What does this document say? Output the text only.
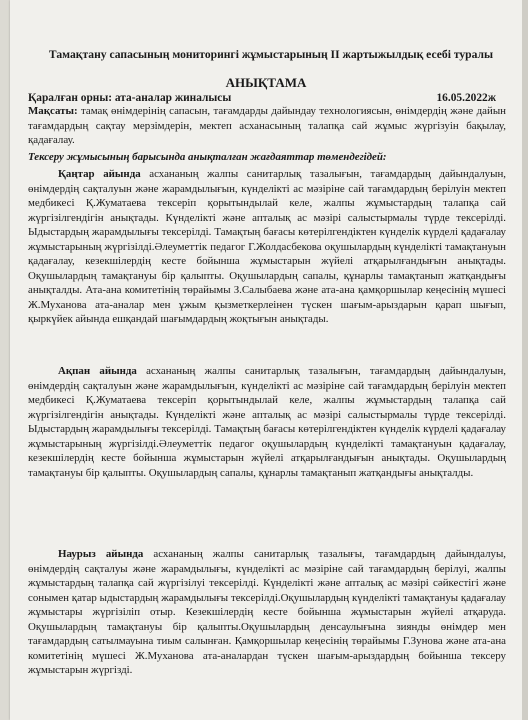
Тамақтану сапасының мониторингі жұмыстарының II жартыжылдық есебі туралы
АНЫҚТАМА
Қаралған орны: ата-аналар жиналысы	16.05.2022ж
Мақсаты: тамақ өнімдерінің сапасын, тағамдарды дайындау технологиясын, өнімдердің және дайын тағамдардың сақтау мерзімдерін, мектеп асханасының талапқа сай жұмыс жүргізуін бақылау, қадағалау.
Тексеру жұмысының барысында анықталған жағдаяттар төмендегідей:
Қаңтар айында асхананың жалпы санитарлық тазалығын, тағамдардың дайындалуын, өнімдердің сақталуын және жарамдылығын, күнделікті ас мәзіріне сай тағамдардың берілуін мектеп медбикесі Қ.Жуматаева тексеріп қорытындылай келе, жалпы жұмыстардың талапқа сай жүргізілгендігін анықтады. Күнделікті және апталық ас мәзірі салыстырмалы түрде тексерілді. Ыдыстардың жарамдылығы тексерілді. Тамақтың бағасы көтерілгендіктен күнделік күрделі қадағалау жұмыстарының жүргізілді.Әлеуметтік педагог Г.Жолдасбекова оқушылардың күнделікті тамақтануын қадағалау, кезекшілердің кесте бойынша жұмыстарын жүйелі атқарылғандығын анықтады. Оқушылардың тамақтануы бір қалыпты. Оқушылардың сапалы, құнарлы тамақтанып жатқандығы анықталды. Ата-ана комитетінің төрайымы З.Салыбаева және ата-ана қамқоршылар кеңесінің мүшесі Ж.Муханова ата-аналар мен ұжым қызметкерлеінен түскен шағым-арыздарын қарап шығып, қыркүйек айында ешқандай шағымдардың жоқтығын анықтады.
Ақпан айында асхананың жалпы санитарлық тазалығын, тағамдардың дайындалуын, өнімдердің сақталуын және жарамдылығын, күнделікті ас мәзіріне сай тағамдардың берілуін мектеп медбикесі Қ.Жуматаева тексеріп қорытындылай келе, жалпы жұмыстардың талапқа сай жүргізілгендігін анықтады. Күнделікті және апталық ас мәзірі салыстырмалы түрде тексерілді. Ыдыстардың жарамдылығы тексерілді. Тамақтың бағасы көтерілгендіктен күнделік күрделі қадағалау жұмыстарының жүргізілді.Әлеуметтік педагог оқушылардың күнделікті тамақтануын қадағалау, кезекшілердің кесте бойынша жұмыстарын жүйелі атқарылғандығын анықтады. Оқушылардың тамақтануы бір қалыпты. Оқушылардың сапалы, құнарлы тамақтанып жатқандығы анықталды.
Наурыз айында асхананың жалпы санитарлық тазалығы, тағамдардың дайындалуы, өнімдердің сақталуы және жарамдылығы, күнделікті ас мәзіріне сай тағамдардың берілуі, жалпы жұмыстардың талапқа сай жүргізілуі тексерілді. Күнделікті және апталық ас мәзірі сәйкестігі және сонымен қатар ыдыстардың жарамдылығы тексерілді.Оқушылардың күнделікті тамақтануы қадағалау жұмыстары жүргізіліп отыр. Кезекшілердің кесте бойынша жұмыстарын жүйелі атқаруда. Оқушылардың тамақтануы бір қалыпты.Оқушылардың денсаулығына зиянды өнімдер мен тағамдардың сатылмауына тиым салынған. Қамқоршылар кеңесінің төрайымы Г.Зунова және ата-ана комитетінің мүшесі Ж.Муханова ата-аналардан түскен шағым-арыздардың бойынша тексеру жұмыстарын жүргізді.
